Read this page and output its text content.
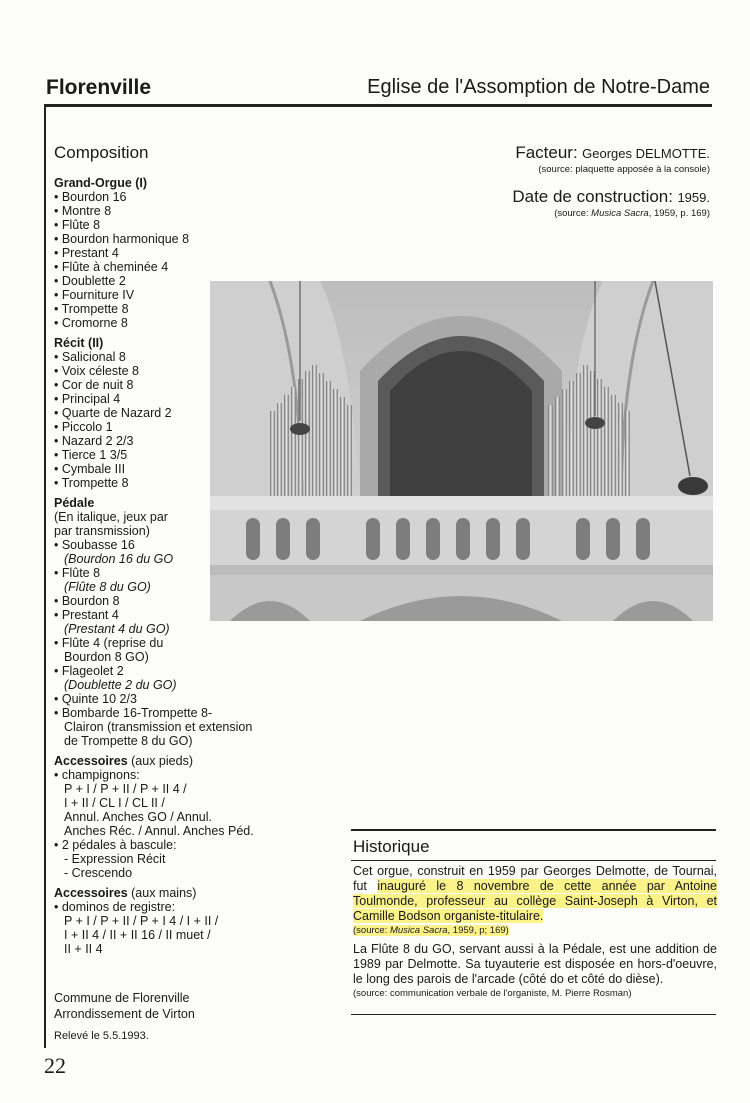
Florenville	Eglise de l'Assomption de Notre-Dame
Composition
Grand-Orgue (I)
• Bourdon 16
• Montre 8
• Flûte 8
• Bourdon harmonique 8
• Prestant 4
• Flûte à cheminée 4
• Doublette 2
• Fourniture IV
• Trompette 8
• Cromorne 8
Récit (II)
• Salicional 8
• Voix céleste 8
• Cor de nuit 8
• Principal 4
• Quarte de Nazard 2
• Piccolo 1
• Nazard 2 2/3
• Tierce 1 3/5
• Cymbale III
• Trompette 8
Pédale
(En italique, jeux par
par transmission)
• Soubasse 16
(Bourdon 16 du GO
• Flûte 8
(Flûte 8 du GO)
• Bourdon 8
• Prestant 4
(Prestant 4 du GO)
• Flûte 4 (reprise du
Bourdon 8 GO)
• Flageolet 2
(Doublette 2 du GO)
• Quinte 10 2/3
• Bombarde 16-Trompette 8-
Clairon (transmission et extension
de Trompette 8 du GO)
Accessoires (aux pieds)
• champignons:
P + I / P + II / P + II 4 /
I + II / CL I / CL II /
Annul. Anches GO / Annul.
Anches Réc. / Annul. Anches Péd.
• 2 pédales à bascule:
- Expression Récit
- Crescendo
Accessoires (aux mains)
• dominos de registre:
P + I / P + II / P + I 4 / I + II /
I + II 4 / II + II 16 / II muet /
II + II 4
Facteur: Georges DELMOTTE.
(source: plaquette apposée à la console)
Date de construction: 1959.
(source: Musica Sacra, 1959, p. 169)
Historique
Cet orgue, construit en 1959 par Georges Delmotte, de Tournai, fut inauguré le 8 novembre de cette année par Antoine Toulmonde, professeur au collège Saint-Joseph à Virton, et Camille Bodson organiste-titulaire.
(source: Musica Sacra, 1959, p; 169)
La Flûte 8 du GO, servant aussi à la Pédale, est une addition de 1989 par Delmotte. Sa tuyauterie est disposée en hors-d'oeuvre, le long des parois de l'arcade (côté do et côté do dièse).
(source: communication verbale de l'organiste, M. Pierre Rosman)
Commune de Florenville
Arrondissement de Virton
Relevé le 5.5.1993.
22
